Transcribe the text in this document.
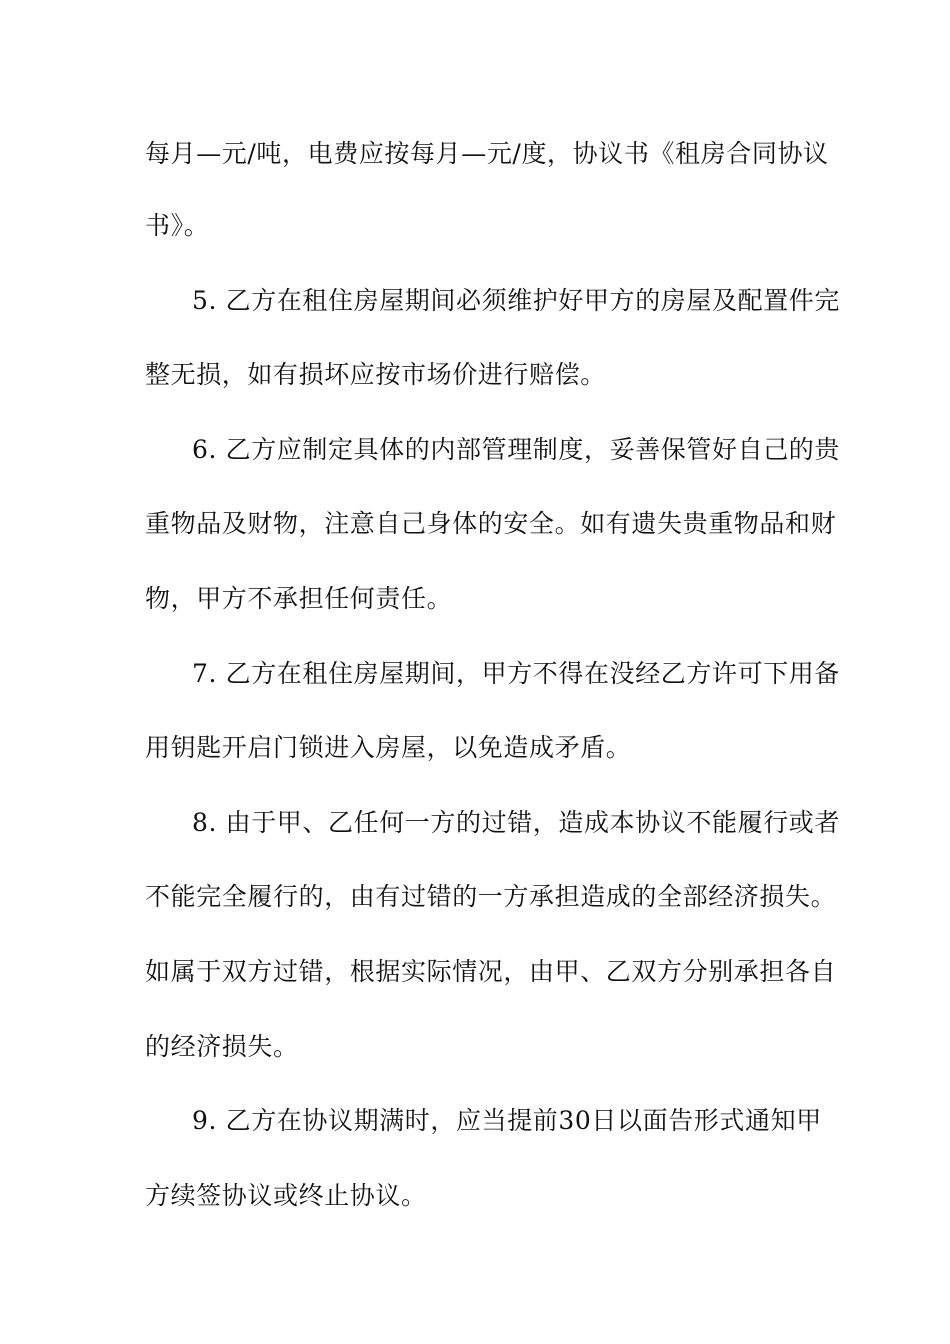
每月—元/吨，电费应按每月—元/度，协议书《租房合同协议
书》。
5. 乙方在租住房屋期间必须维护好甲方的房屋及配置件完
整无损，如有损坏应按市场价进行赔偿。
6. 乙方应制定具体的内部管理制度，妥善保管好自己的贵
重物品及财物，注意自己身体的安全。如有遗失贵重物品和财
物，甲方不承担任何责任。
7. 乙方在租住房屋期间，甲方不得在没经乙方许可下用备
用钥匙开启门锁进入房屋，以免造成矛盾。
8. 由于甲、乙任何一方的过错，造成本协议不能履行或者
不能完全履行的，由有过错的一方承担造成的全部经济损失。
如属于双方过错，根据实际情况，由甲、乙双方分别承担各自
的经济损失。
9. 乙方在协议期满时，应当提前30日以面告形式通知甲
方续签协议或终止协议。
